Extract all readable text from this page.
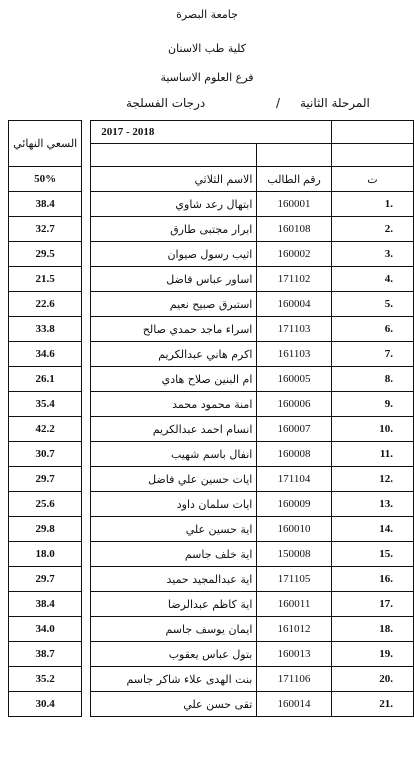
جامعة البصرة
كلية طب الاسنان
فرع العلوم الاساسية
المرحلة الثانية
/
درجات الفسلجة
السعي النهائي		2017 - 2018		

50%		الاسم الثلاثي	رقم الطالب	ت
38.4		ابتهال رعد شاوي	160001	1.
32.7		ابرار مجتبى طارق	160108	2.
29.5		اثيب رسول صيوان	160002	3.
21.5		اساور عباس فاضل	171102	4.
22.6		استبرق صبيح نعيم	160004	5.
33.8		اسراء ماجد حمدي صالح	171103	6.
34.6		اكرم هاني عبدالكريم	161103	7.
26.1		ام البنين صلاح هادي	160005	8.
35.4		امنة محمود محمد	160006	9.
42.2		انسام احمد عبدالكريم	160007	10.
30.7		انفال باسم شهيب	160008	11.
29.7		ايات حسين علي فاضل	171104	12.
25.6		ايات سلمان داود	160009	13.
29.8		اية حسين علي	160010	14.
18.0		اية خلف جاسم	150008	15.
29.7		اية عبدالمجيد حميد	171105	16.
38.4		اية كاظم عبدالرضا	160011	17.
34.0		ايمان يوسف جاسم	161012	18.
38.7		بتول عباس يعقوب	160013	19.
35.2		بنت الهدى علاء شاكر جاسم	171106	20.
30.4		تقى حسن علي	160014	21.
